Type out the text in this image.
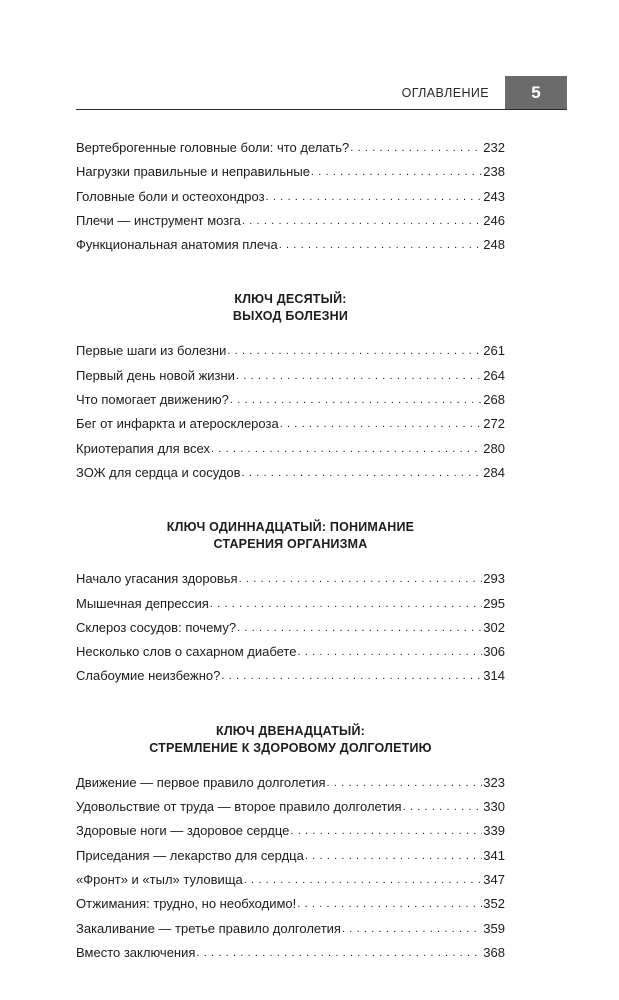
ОГЛАВЛЕНИЕ	5
Вертеброгенные головные боли: что делать? . . .	232
Нагрузки правильные и неправильные . . .	238
Головные боли и остеохондроз . . .	243
Плечи — инструмент мозга . . .	246
Функциональная анатомия плеча . . .	248
КЛЮЧ ДЕСЯТЫЙ:
ВЫХОД БОЛЕЗНИ
Первые шаги из болезни . . .	261
Первый день новой жизни . . .	264
Что помогает движению? . . .	268
Бег от инфаркта и атеросклероза . . .	272
Криотерапия для всех . . .	280
ЗОЖ для сердца и сосудов . . .	284
КЛЮЧ ОДИННАДЦАТЫЙ: ПОНИМАНИЕ
СТАРЕНИЯ ОРГАНИЗМА
Начало угасания здоровья . . .	293
Мышечная депрессия . . .	295
Склероз сосудов: почему? . . .	302
Несколько слов о сахарном диабете . . .	306
Слабоумие неизбежно? . . .	314
КЛЮЧ ДВЕНАДЦАТЫЙ:
СТРЕМЛЕНИЕ К ЗДОРОВОМУ ДОЛГОЛЕТИЮ
Движение — первое правило долголетия . . .	323
Удовольствие от труда — второе правило долголетия . . .	330
Здоровые ноги — здоровое сердце . . .	339
Приседания — лекарство для сердца . . .	341
«Фронт» и «тыл» туловища . . .	347
Отжимания: трудно, но необходимо! . . .	352
Закаливание — третье правило долголетия . . .	359
Вместо заключения . . .	368
